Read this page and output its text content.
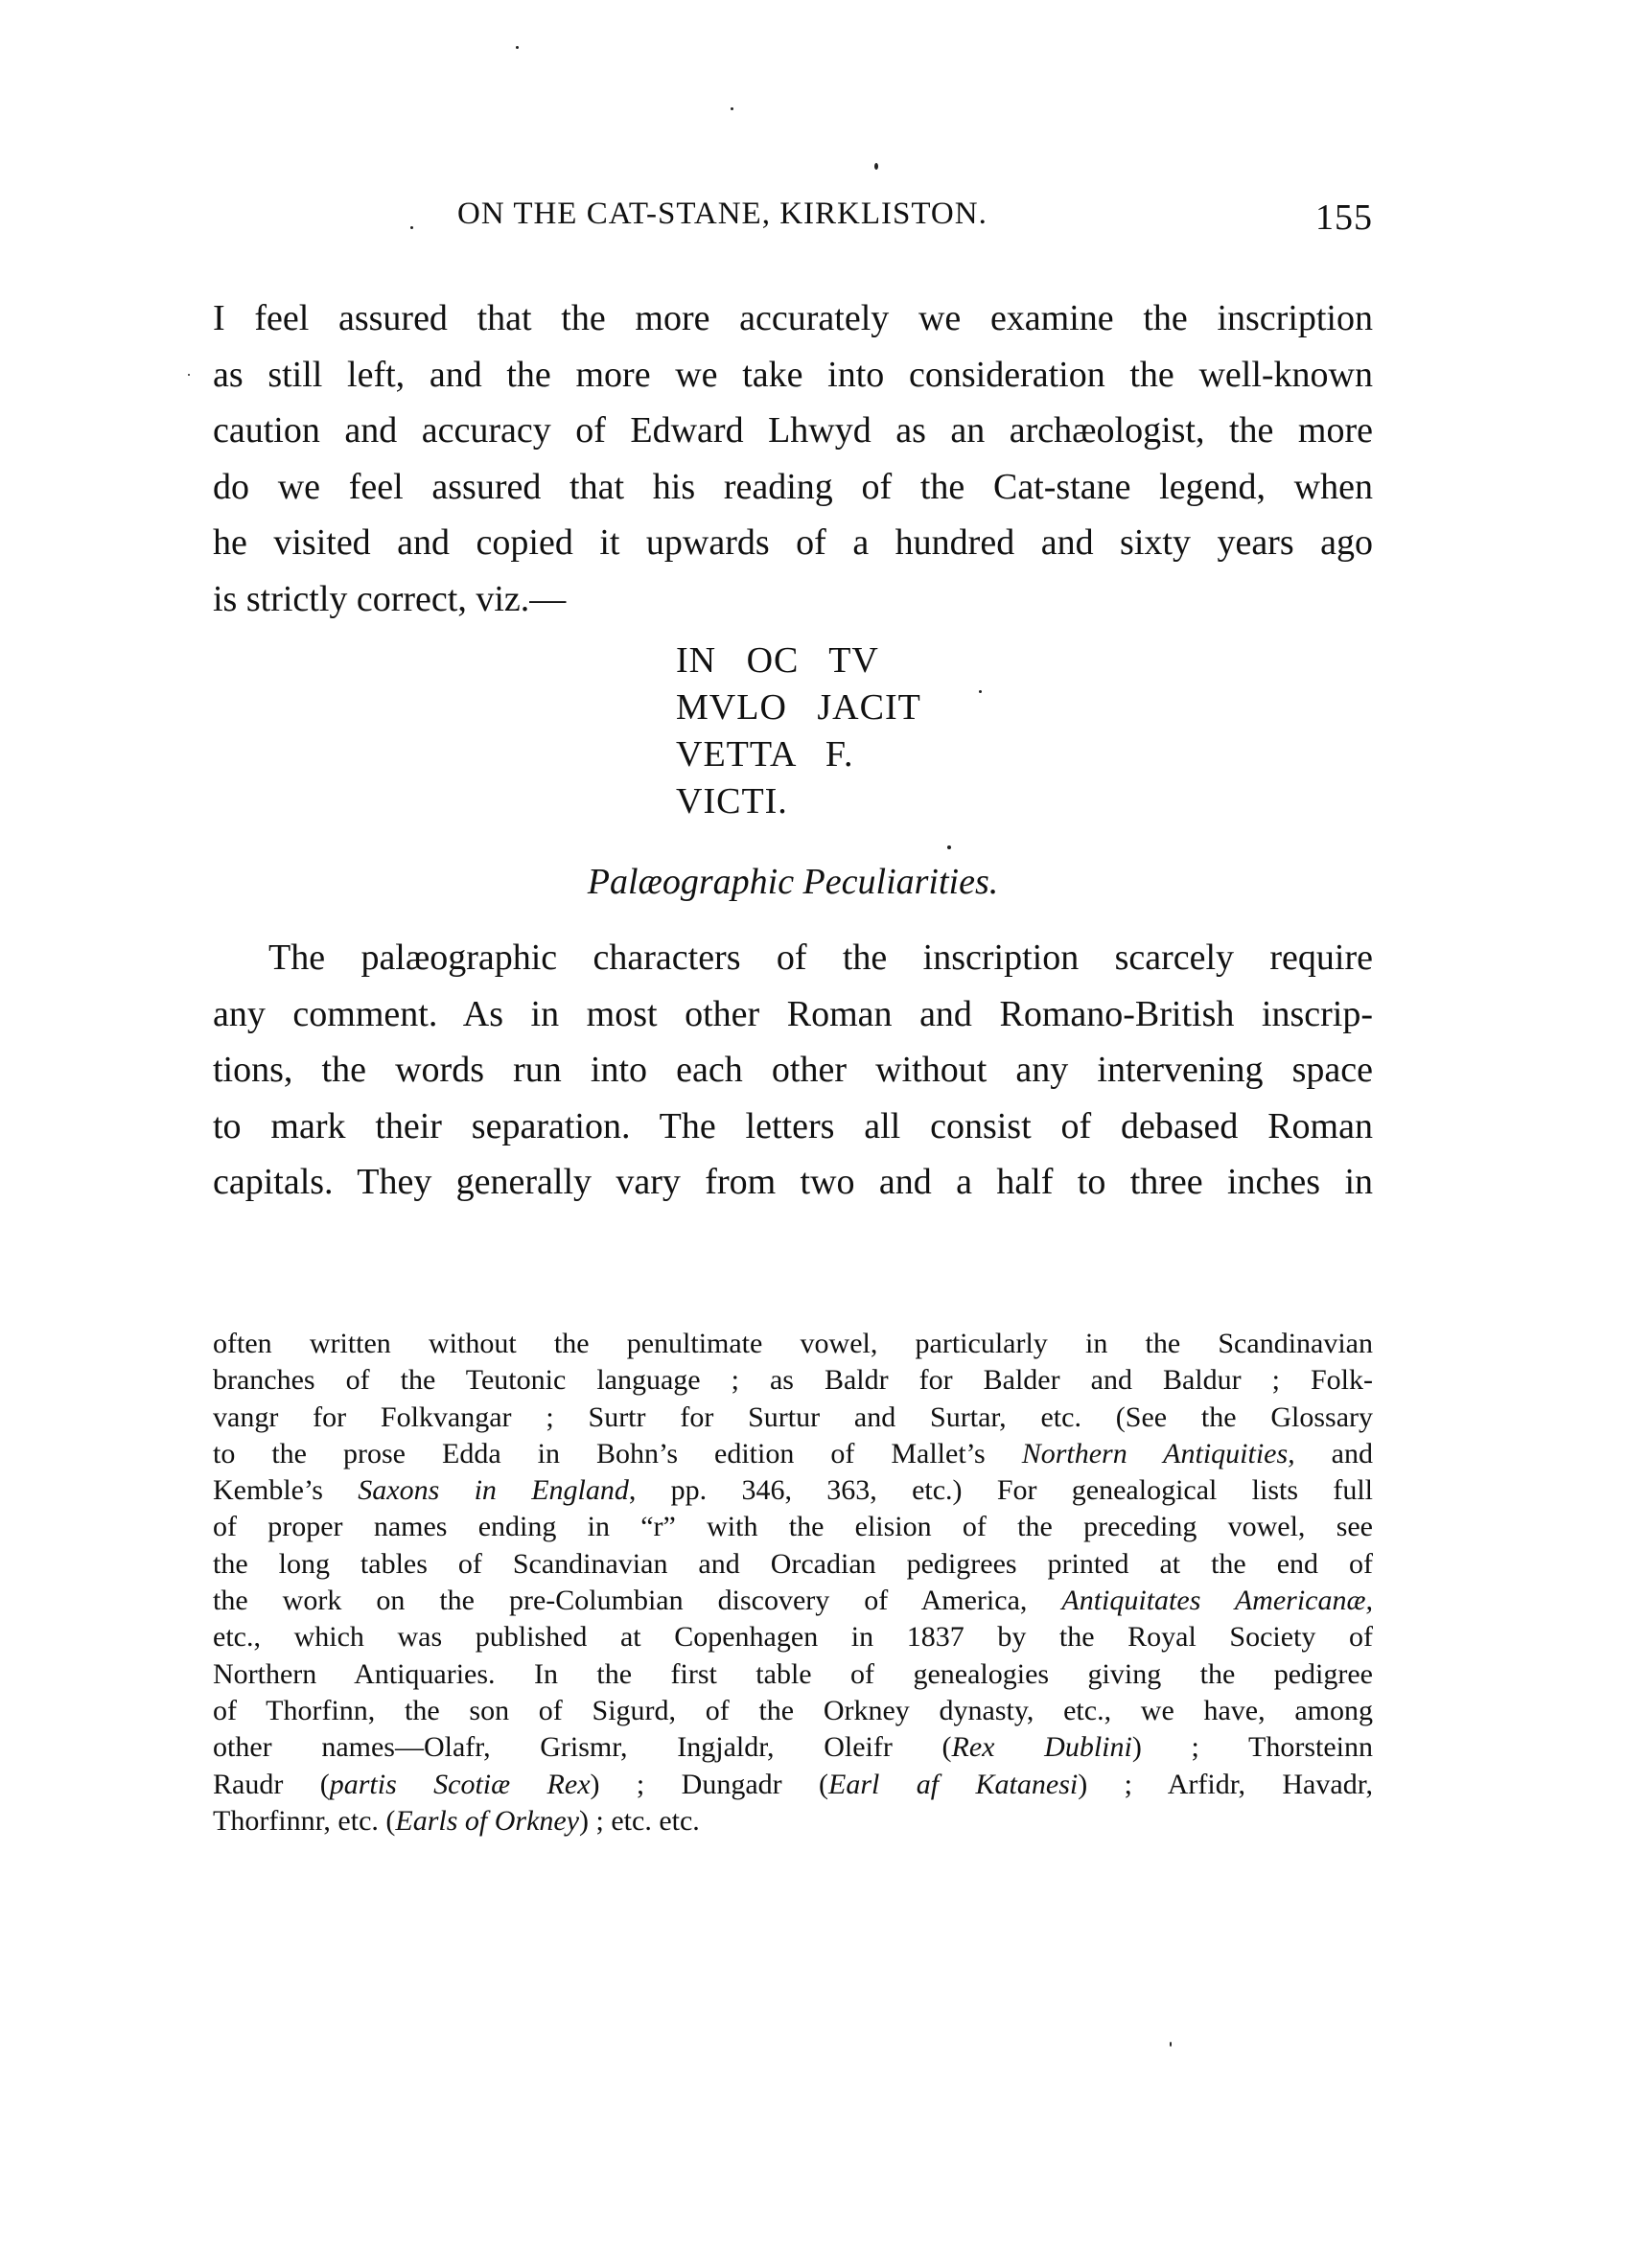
ON THE CAT-STANE, KIRKLISTON.	155
I feel assured that the more accurately we examine the inscription
as still left, and the more we take into consideration the well-known
caution and accuracy of Edward Lhwyd as an archæologist, the more
do we feel assured that his reading of the Cat-stane legend, when
he visited and copied it upwards of a hundred and sixty years ago
is strictly correct, viz.—
IN   OC   TV
MVLO   JACIT
VETTA   F.
VICTI.
Palæographic Peculiarities.
The palæographic characters of the inscription scarcely require
any comment. As in most other Roman and Romano-British inscrip-
tions, the words run into each other without any intervening space
to mark their separation. The letters all consist of debased Roman
capitals. They generally vary from two and a half to three inches in
often written without the penultimate vowel, particularly in the Scandinavian
branches of the Teutonic language ; as Baldr for Balder and Baldur ; Folk-
vangr for Folkvangar ; Surtr for Surtur and Surtar, etc. (See the Glossary
to the prose Edda in Bohn’s edition of Mallet’s Northern Antiquities, and
Kemble’s Saxons in England, pp. 346, 363, etc.) For genealogical lists full
of proper names ending in “r” with the elision of the preceding vowel, see
the long tables of Scandinavian and Orcadian pedigrees printed at the end of
the work on the pre-Columbian discovery of America, Antiquitates Americanæ,
etc., which was published at Copenhagen in 1837 by the Royal Society of
Northern Antiquaries. In the first table of genealogies giving the pedigree
of Thorfinn, the son of Sigurd, of the Orkney dynasty, etc., we have, among
other names—Olafr, Grismr, Ingjaldr, Oleifr (Rex Dublini) ; Thorsteinn
Raudr (partis Scotiæ Rex) ; Dungadr (Earl af Katanesi) ; Arfidr, Havadr,
Thorfinnr, etc. (Earls of Orkney) ; etc. etc.
